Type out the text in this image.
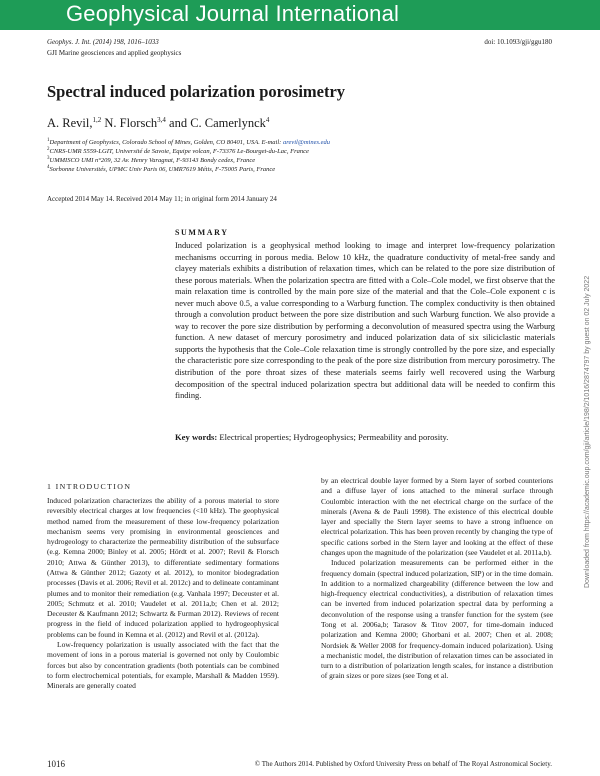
Geophysical Journal International
Geophys. J. Int. (2014) 198, 1016–1033	doi: 10.1093/gji/ggu180
GJI Marine geosciences and applied geophysics
Spectral induced polarization porosimetry
A. Revil,$^{1,2}$ N. Florsch$^{3,4}$ and C. Camerlynck$^4$
$^1$Department of Geophysics, Colorado School of Mines, Golden, CO 80401, USA. E-mail: arevil@mines.edu
$^2$CNRS-UMR 5559-LGIT, Université de Savoie, Equipe volcan, F-73376 Le-Bourget-du-Lac, France
$^3$UMMISCO UMI n°209, 32 Av. Henry Varagnat, F-93143 Bondy cedex, France
$^4$Sorbonne Universités, UPMC Univ Paris 06, UMR7619 Métis, F-75005 Paris, France
Accepted 2014 May 14. Received 2014 May 11; in original form 2014 January 24
SUMMARY

Induced polarization is a geophysical method looking to image and interpret low-frequency polarization mechanisms occurring in porous media. Below 10 kHz, the quadrature conductivity of metal-free sandy and clayey materials exhibits a distribution of relaxation times, which can be related to the pore size distribution of these porous materials. When the polarization spectra are fitted with a Cole–Cole model, we first observe that the main relaxation time is controlled by the main pore size of the material and that the Cole–Cole exponent c is never much above 0.5, a value corresponding to a Warburg function. The complex conductivity is then obtained through a convolution product between the pore size distribution and such Warburg function. We also provide a way to recover the pore size distribution by performing a deconvolution of measured spectra using the Warburg function. A new dataset of mercury porosimetry and induced polarization data of six siliciclastic materials supports the hypothesis that the Cole–Cole relaxation time is strongly controlled by the pore size, and especially the characteristic pore size corresponding to the peak of the pore size distribution from mercury porosimetry. The distribution of the pore throat sizes of these materials seems fairly well recovered using the Warburg decomposition of the spectral induced polarization spectra but additional data will be needed to confirm this finding.

Key words: Electrical properties; Hydrogeophysics; Permeability and porosity.
1 INTRODUCTION

Induced polarization characterizes the ability of a porous material to store reversibly electrical charges at low frequencies (<10 kHz). The geophysical method named from the measurement of these low-frequency polarization mechanism seems very promising in environmental geosciences and hydrogeology to characterize the permeability distribution of the subsurface (e.g. Kemna 2000; Binley et al. 2005; Hördt et al. 2007; Revil & Florsch 2010; Attwa & Günther 2013), to differentiate sedimentary formations (Attwa & Günther 2012; Gazoty et al. 2012), to monitor biodegradation processes (Davis et al. 2006; Revil et al. 2012c) and to delineate contaminant plumes and to monitor their remediation (e.g. Vanhala 1997; Deceuster et al. 2005; Schmutz et al. 2010; Vaudelet et al. 2011a,b; Chen et al. 2012; Deceuster & Kaufmann 2012; Schwartz & Furman 2012). Reviews of recent progress in the field of induced polarization applied to hydrogeophysical problems can be found in Kemna et al. (2012) and Revil et al. (2012a).

Low-frequency polarization is usually associated with the fact that the movement of ions in a porous material is governed not only by Coulombic forces but also by concentration gradients (both potentials can be combined to form electrochemical potentials, for example, Marshall & Madden 1959). Minerals are generally coated

by an electrical double layer formed by a Stern layer of sorbed counterions and a diffuse layer of ions attached to the mineral surface through Coulombic interaction with the net electrical charge on the surface of the minerals (Avena & de Pauli 1998). The existence of this electrical double layer and specially the Stern layer seems to have a strong influence on electrical polarization. This has been proven recently by changing the type of specific cations sorbed in the Stern layer and looking at the effect of these changes upon the magnitude of the polarization (see Vaudelet et al. 2011a,b).

Induced polarization measurements can be performed either in the frequency domain (spectral induced polarization, SIP) or in the time domain. In addition to a normalized chargeability (difference between the low and high-frequency electrical conductivities), a distribution of relaxation times can be inverted from induced polarization spectral data by performing a deconvolution of the response using a transfer function for the system (see Tong et al. 2006a,b; Tarasov & Titov 2007, for time-domain induced polarization and Kemna 2000; Ghorbani et al. 2007; Chen et al. 2008; Nordsiek & Weller 2008 for frequency-domain induced polarization). Using a mechanistic model, the distribution of relaxation times can be associated in turn to a distribution of polarization length scales, for instance a distribution of grain sizes or pore sizes (see Tong et al.

Downloaded from https://academic.oup.com/gji/article/198/2/1016/2874797 by guest on 02 July 2022
1016	© The Authors 2014. Published by Oxford University Press on behalf of The Royal Astronomical Society.
